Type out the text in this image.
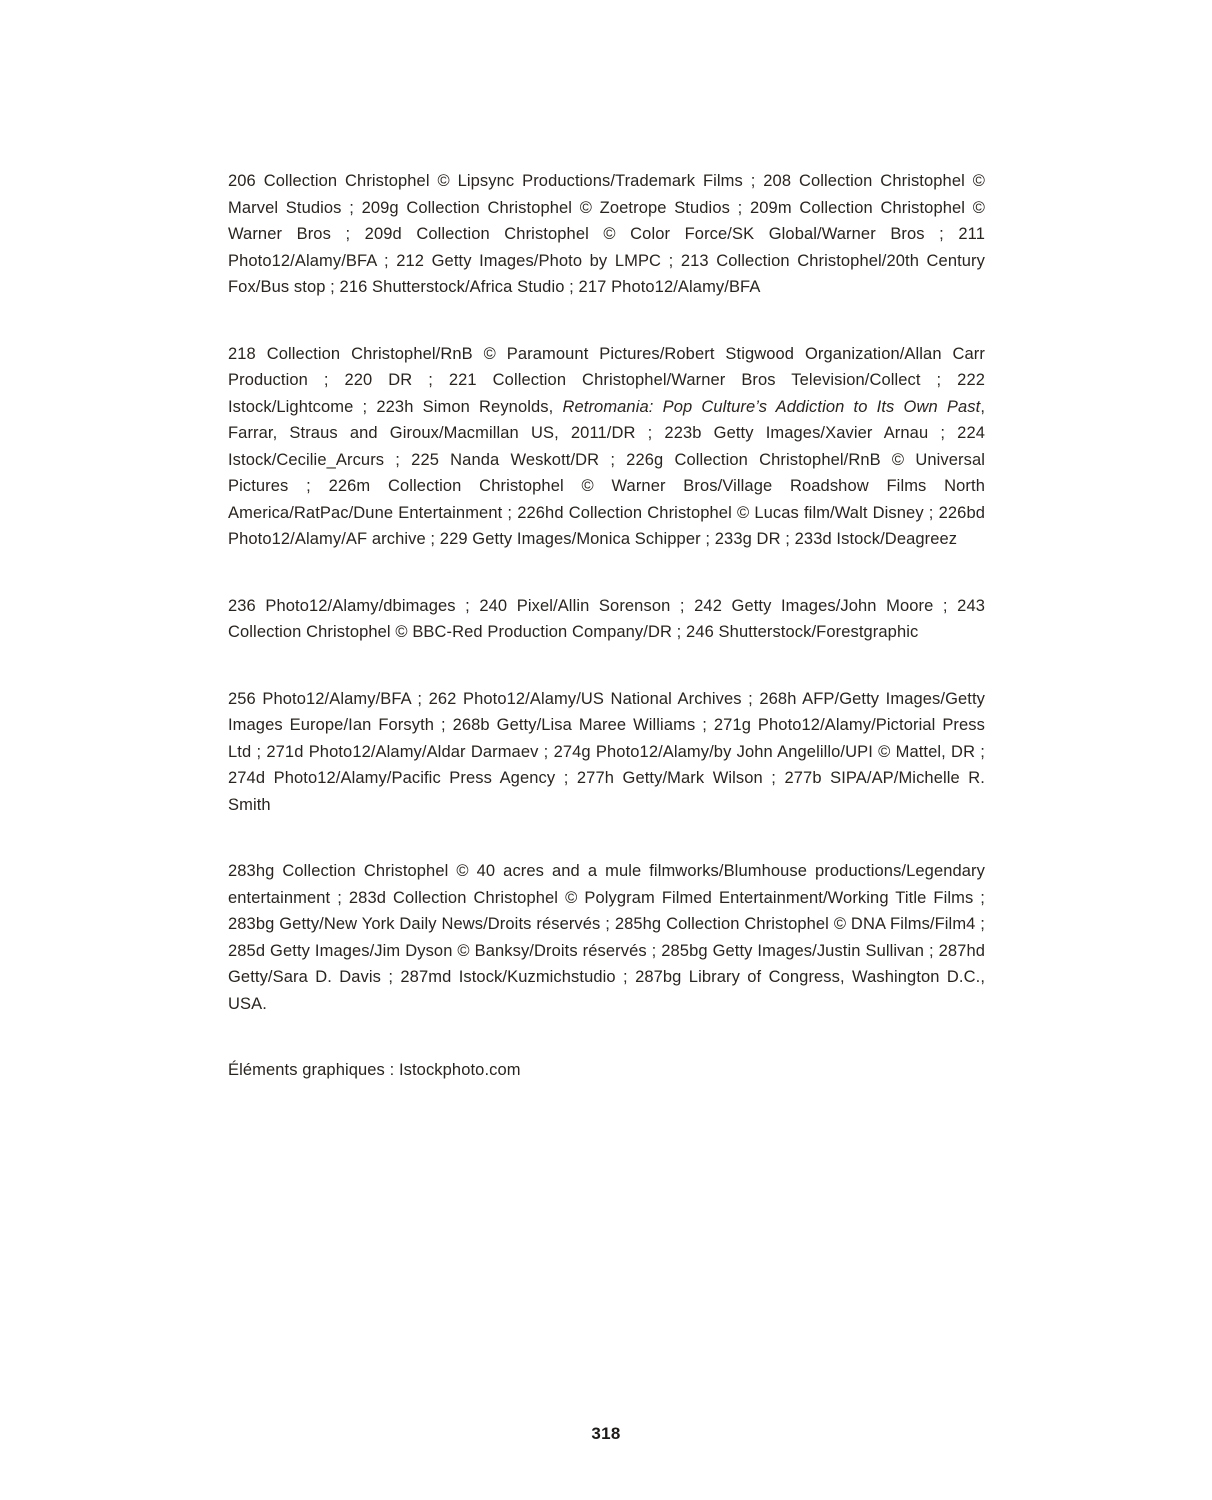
206 Collection Christophel © Lipsync Productions/Trademark Films ; 208 Collection Christophel © Marvel Studios ; 209g Collection Christophel © Zoetrope Studios ; 209m Collection Christophel © Warner Bros ; 209d Collection Christophel © Color Force/SK Global/Warner Bros ; 211 Photo12/Alamy/BFA ; 212 Getty Images/Photo by LMPC ; 213 Collection Christophel/20th Century Fox/Bus stop ; 216 Shutterstock/Africa Studio ; 217 Photo12/Alamy/BFA

218 Collection Christophel/RnB © Paramount Pictures/Robert Stigwood Organization/Allan Carr Production ; 220 DR ; 221 Collection Christophel/Warner Bros Television/Collect ; 222 Istock/Lightcome ; 223h Simon Reynolds, Retromania: Pop Culture’s Addiction to Its Own Past, Farrar, Straus and Giroux/Macmillan US, 2011/DR ; 223b Getty Images/Xavier Arnau ; 224 Istock/Cecilie_Arcurs ; 225 Nanda Weskott/DR ; 226g Collection Christophel/RnB © Universal Pictures ; 226m Collection Christophel © Warner Bros/Village Roadshow Films North America/RatPac/Dune Entertainment ; 226hd Collection Christophel © Lucas film/Walt Disney ; 226bd Photo12/Alamy/AF archive ; 229 Getty Images/Monica Schipper ; 233g DR ; 233d Istock/Deagreez

236 Photo12/Alamy/dbimages ; 240 Pixel/Allin Sorenson ; 242 Getty Images/John Moore ; 243 Collection Christophel © BBC-Red Production Company/DR ; 246 Shutterstock/Forestgraphic

256 Photo12/Alamy/BFA ; 262 Photo12/Alamy/US National Archives ; 268h AFP/Getty Images/Getty Images Europe/Ian Forsyth ; 268b Getty/Lisa Maree Williams ; 271g Photo12/Alamy/Pictorial Press Ltd ; 271d Photo12/Alamy/Aldar Darmaev ; 274g Photo12/Alamy/by John Angelillo/UPI © Mattel, DR ; 274d Photo12/Alamy/Pacific Press Agency ; 277h Getty/Mark Wilson ; 277b SIPA/AP/Michelle R. Smith

283hg Collection Christophel © 40 acres and a mule filmworks/Blumhouse productions/Legendary entertainment ; 283d Collection Christophel © Polygram Filmed Entertainment/Working Title Films ; 283bg Getty/New York Daily News/Droits réservés ; 285hg Collection Christophel © DNA Films/Film4 ; 285d Getty Images/Jim Dyson © Banksy/Droits réservés ; 285bg Getty Images/Justin Sullivan ; 287hd Getty/Sara D. Davis ; 287md Istock/Kuzmichstudio ; 287bg Library of Congress, Washington D.C., USA.

Éléments graphiques : Istockphoto.com

318
